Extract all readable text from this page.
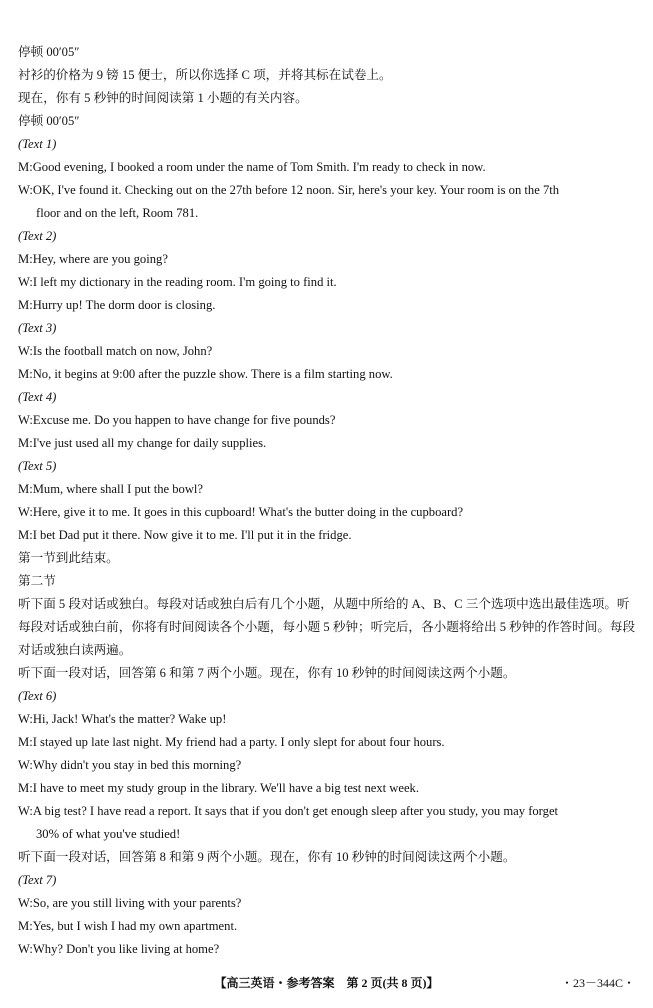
停顿 00′05″
衬衫的价格为 9 镑 15 便士，所以你选择 C 项，并将其标在试卷上。
现在，你有 5 秒钟的时间阅读第 1 小题的有关内容。
停顿 00′05″
(Text 1)
M:Good evening, I booked a room under the name of Tom Smith. I'm ready to check in now.
W:OK, I've found it. Checking out on the 27th before 12 noon. Sir, here's your key. Your room is on the 7th
floor and on the left, Room 781.
(Text 2)
M:Hey, where are you going?
W:I left my dictionary in the reading room. I'm going to find it.
M:Hurry up! The dorm door is closing.
(Text 3)
W:Is the football match on now, John?
M:No, it begins at 9:00 after the puzzle show. There is a film starting now.
(Text 4)
W:Excuse me. Do you happen to have change for five pounds?
M:I've just used all my change for daily supplies.
(Text 5)
M:Mum, where shall I put the bowl?
W:Here, give it to me. It goes in this cupboard! What's the butter doing in the cupboard?
M:I bet Dad put it there. Now give it to me. I'll put it in the fridge.
第一节到此结束。
第二节
听下面 5 段对话或独白。每段对话或独白后有几个小题，从题中所给的 A、B、C 三个选项中选出最佳选项。听
每段对话或独白前，你将有时间阅读各个小题，每小题 5 秒钟；听完后，各小题将给出 5 秒钟的作答时间。每段
对话或独白读两遍。
听下面一段对话，回答第 6 和第 7 两个小题。现在，你有 10 秒钟的时间阅读这两个小题。
(Text 6)
W:Hi, Jack! What's the matter? Wake up!
M:I stayed up late last night. My friend had a party. I only slept for about four hours.
W:Why didn't you stay in bed this morning?
M:I have to meet my study group in the library. We'll have a big test next week.
W:A big test? I have read a report. It says that if you don't get enough sleep after you study, you may forget
30% of what you've studied!
听下面一段对话，回答第 8 和第 9 两个小题。现在，你有 10 秒钟的时间阅读这两个小题。
(Text 7)
W:So, are you still living with your parents?
M:Yes, but I wish I had my own apartment.
W:Why? Don't you like living at home?
【高三英语・参考答案　第 2 页(共 8 页)】	・23－344C・
